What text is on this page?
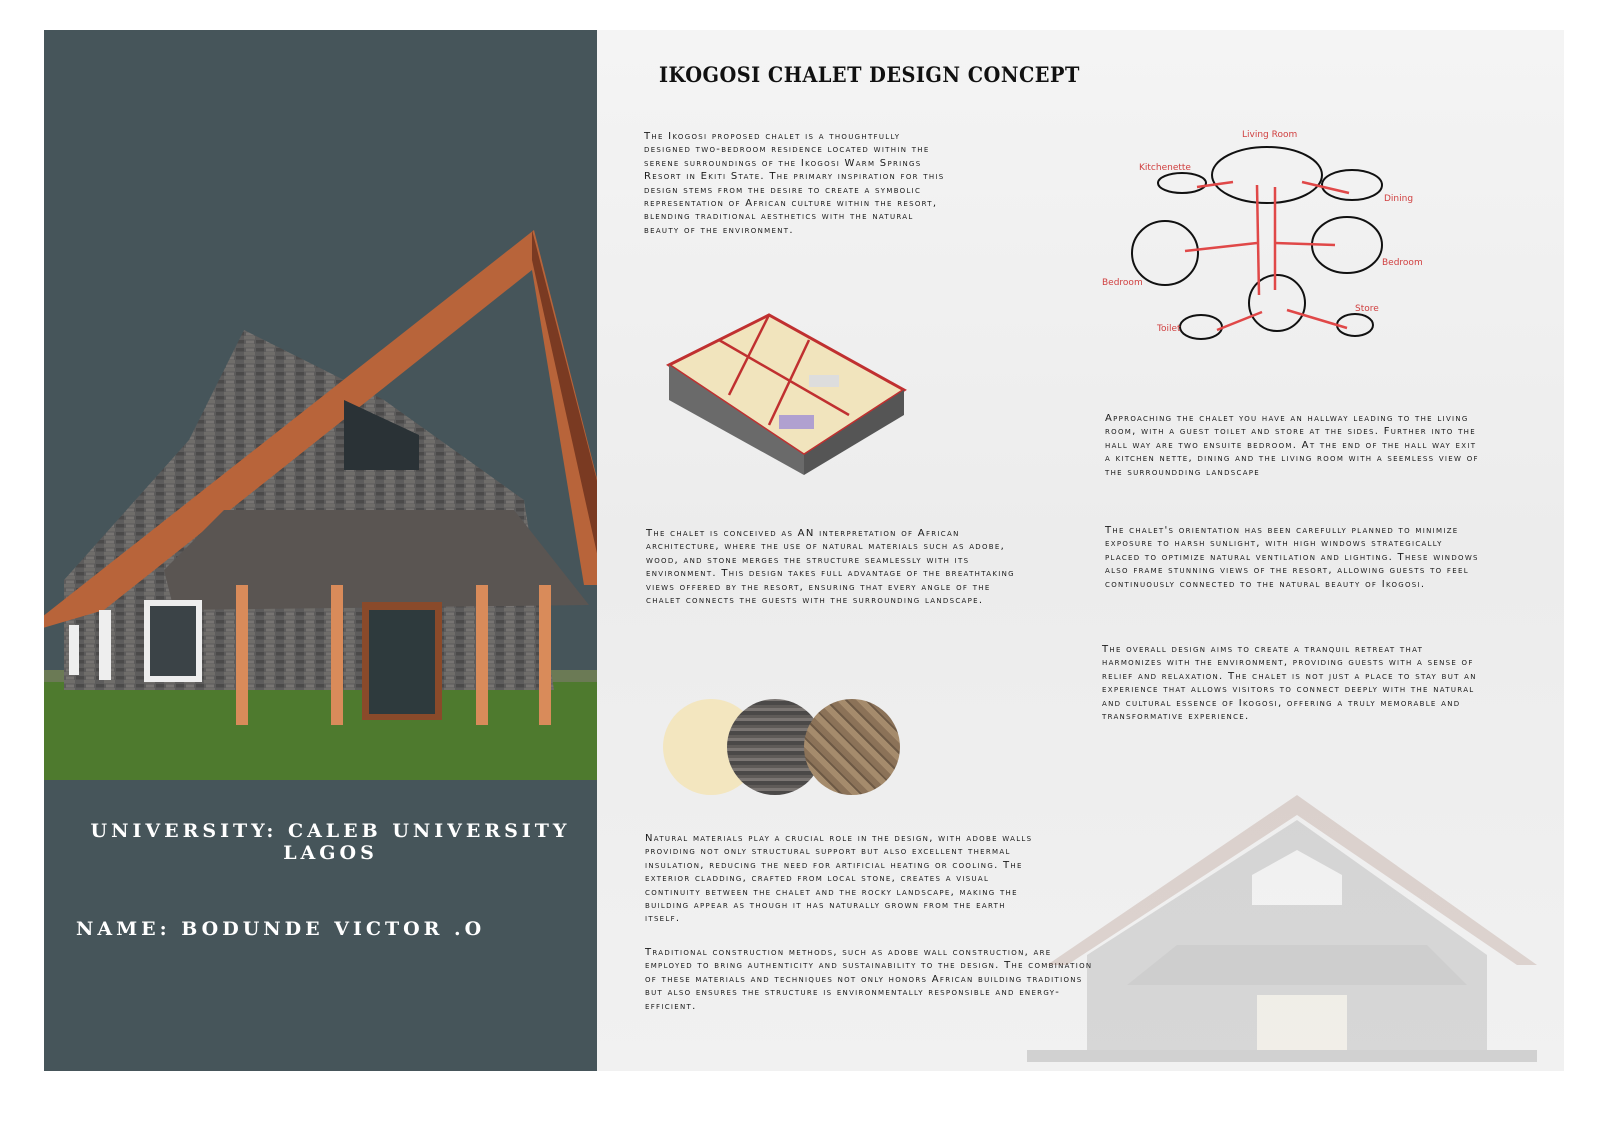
UNIVERSITY: CALEB UNIVERSITY LAGOS
NAME: BODUNDE VICTOR .O
IKOGOSI CHALET DESIGN CONCEPT

The Ikogosi proposed chalet is a thoughtfully designed two-bedroom residence located within the serene surroundings of the Ikogosi Warm Springs Resort in Ekiti State. The primary inspiration for this design stems from the desire to create a symbolic representation of African culture within the resort, blending traditional aesthetics with the natural beauty of the environment.

Living Room
Kitchenette
Dining
Bedroom
Bedroom
Toilet
Store

Approaching the chalet you have an hallway leading to the living room, with a guest toilet and store at the sides. Further into the hall way are two ensuite bedroom. At the end of the hall way exit a kitchen nette, dining and the living room with a seemless view of the surroundding landscape

The chalet is conceived as AN interpretation of African architecture, where the use of natural materials such as adobe, wood, and stone merges the structure seamlessly with its environment. This design takes full advantage of the breathtaking views offered by the resort, ensuring that every angle of the chalet connects the guests with the surrounding landscape.

The chalet's orientation has been carefully planned to minimize exposure to harsh sunlight, with high windows strategically placed to optimize natural ventilation and lighting. These windows also frame stunning views of the resort, allowing guests to feel continuously connected to the natural beauty of Ikogosi.

The overall design aims to create a tranquil retreat that harmonizes with the environment, providing guests with a sense of relief and relaxation. The chalet is not just a place to stay but an experience that allows visitors to connect deeply with the natural and cultural essence of Ikogosi, offering a truly memorable and transformative experience.

Natural materials play a crucial role in the design, with adobe walls providing not only structural support but also excellent thermal insulation, reducing the need for artificial heating or cooling. The exterior cladding, crafted from local stone, creates a visual continuity between the chalet and the rocky landscape, making the building appear as though it has naturally grown from the earth itself.

Traditional construction methods, such as adobe wall construction, are employed to bring authenticity and sustainability to the design. The combination of these materials and techniques not only honors African building traditions but also ensures the structure is environmentally responsible and energy-efficient.
